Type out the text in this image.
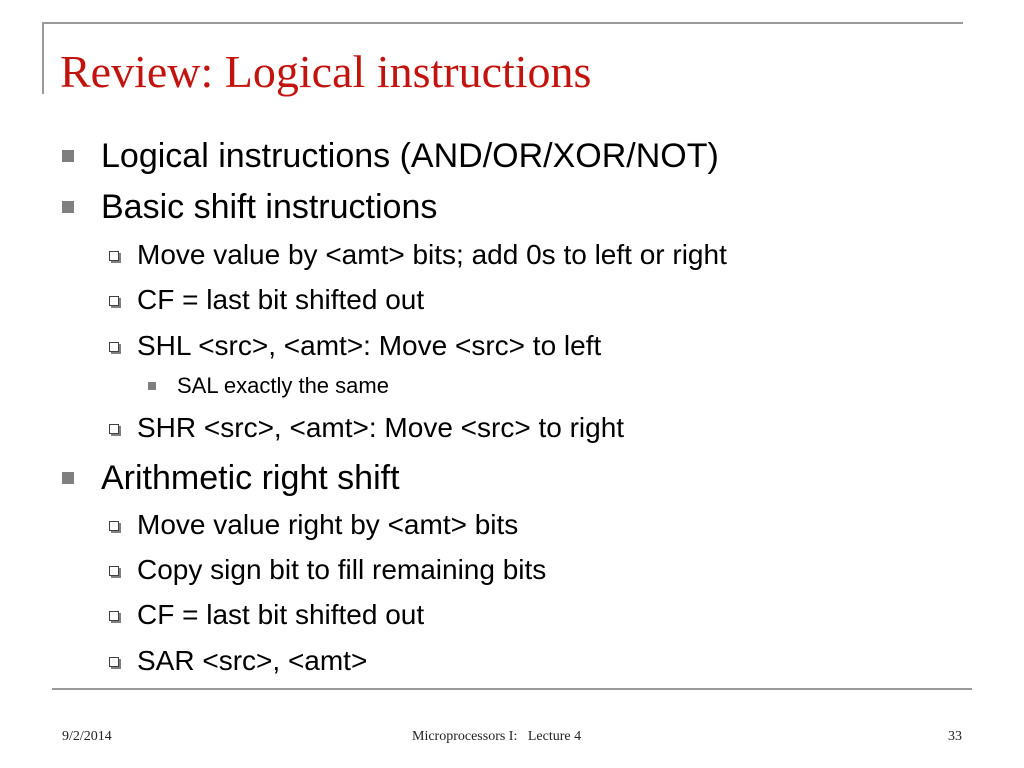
Review: Logical instructions
Logical instructions (AND/OR/XOR/NOT)
Basic shift instructions
Move value by <amt> bits; add 0s to left or right
CF = last bit shifted out
SHL <src>, <amt>: Move <src> to left
SAL exactly the same
SHR <src>, <amt>: Move <src> to right
Arithmetic right shift
Move value right by <amt> bits
Copy sign bit to fill remaining bits
CF = last bit shifted out
SAR <src>, <amt>
9/2/2014	Microprocessors I:   Lecture 4	33
